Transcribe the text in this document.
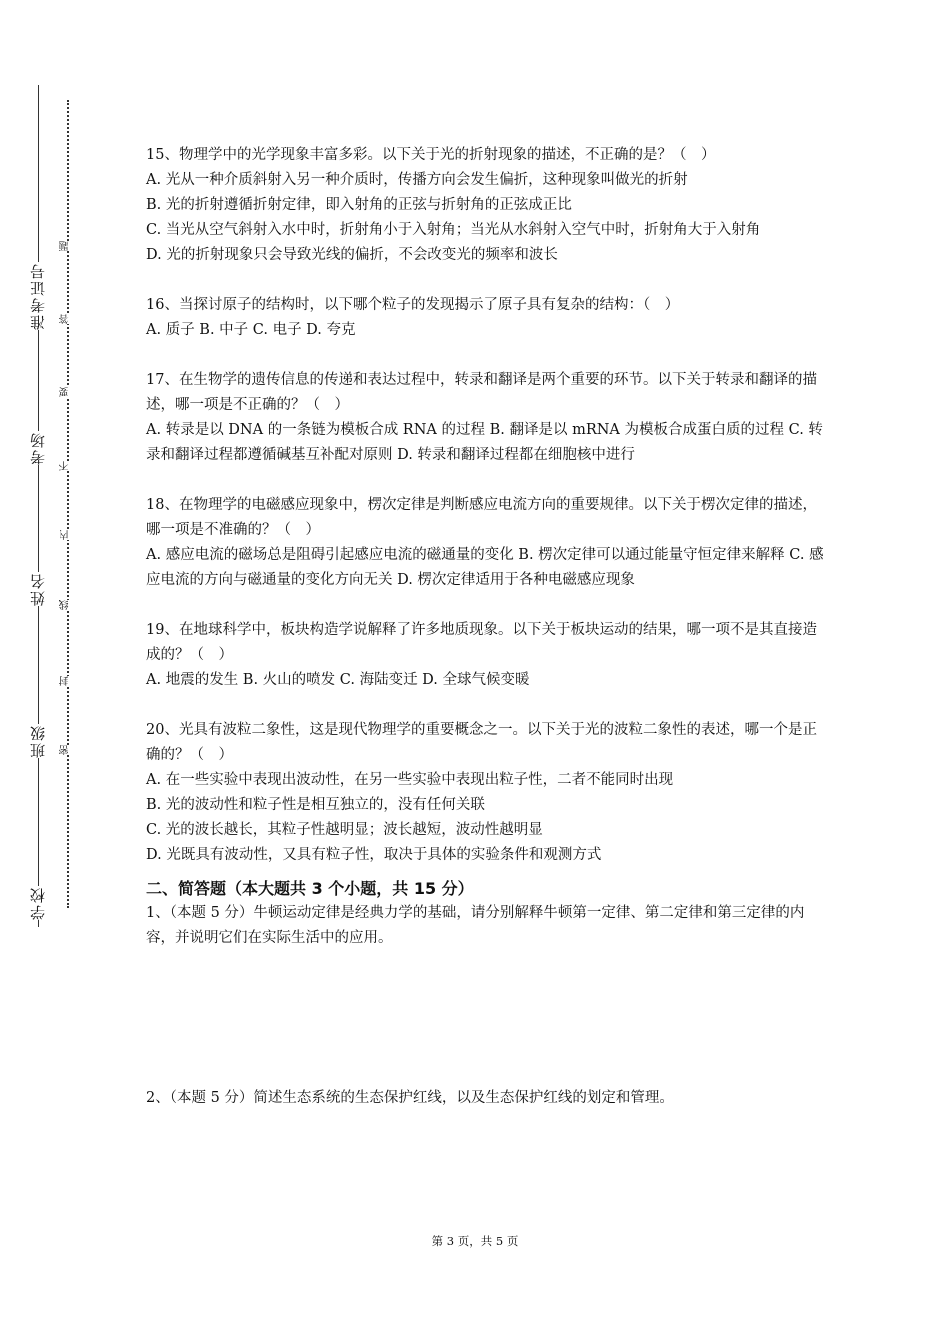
学校
班级
姓名
考场
准考证号
密
封
线
内
不
要
答
题

15、物理学中的光学现象丰富多彩。以下关于光的折射现象的描述，不正确的是？（　）

A. 光从一种介质斜射入另一种介质时，传播方向会发生偏折，这种现象叫做光的折射

B. 光的折射遵循折射定律，即入射角的正弦与折射角的正弦成正比

C. 当光从空气斜射入水中时，折射角小于入射角；当光从水斜射入空气中时，折射角大于入射角

D. 光的折射现象只会导致光线的偏折，不会改变光的频率和波长

16、当探讨原子的结构时，以下哪个粒子的发现揭示了原子具有复杂的结构：（　）

A. 质子 B. 中子 C. 电子 D. 夸克

17、在生物学的遗传信息的传递和表达过程中，转录和翻译是两个重要的环节。以下关于转录和翻译的描述，哪一项是不正确的？（　）

A. 转录是以 DNA 的一条链为模板合成 RNA 的过程 B. 翻译是以 mRNA 为模板合成蛋白质的过程 C. 转录和翻译过程都遵循碱基互补配对原则 D. 转录和翻译过程都在细胞核中进行

18、在物理学的电磁感应现象中，楞次定律是判断感应电流方向的重要规律。以下关于楞次定律的描述，哪一项是不准确的？（　）

A. 感应电流的磁场总是阻碍引起感应电流的磁通量的变化 B. 楞次定律可以通过能量守恒定律来解释 C. 感应电流的方向与磁通量的变化方向无关 D. 楞次定律适用于各种电磁感应现象

19、在地球科学中，板块构造学说解释了许多地质现象。以下关于板块运动的结果，哪一项不是其直接造成的？（　）

A. 地震的发生 B. 火山的喷发 C. 海陆变迁 D. 全球气候变暖

20、光具有波粒二象性，这是现代物理学的重要概念之一。以下关于光的波粒二象性的表述，哪一个是正确的？（　）

A. 在一些实验中表现出波动性，在另一些实验中表现出粒子性，二者不能同时出现

B. 光的波动性和粒子性是相互独立的，没有任何关联

C. 光的波长越长，其粒子性越明显；波长越短，波动性越明显

D. 光既具有波动性，又具有粒子性，取决于具体的实验条件和观测方式

二、简答题（本大题共 3 个小题，共 15 分）

1、（本题 5 分）牛顿运动定律是经典力学的基础，请分别解释牛顿第一定律、第二定律和第三定律的内容，并说明它们在实际生活中的应用。

2、（本题 5 分）简述生态系统的生态保护红线，以及生态保护红线的划定和管理。

第 3 页，共 5 页
